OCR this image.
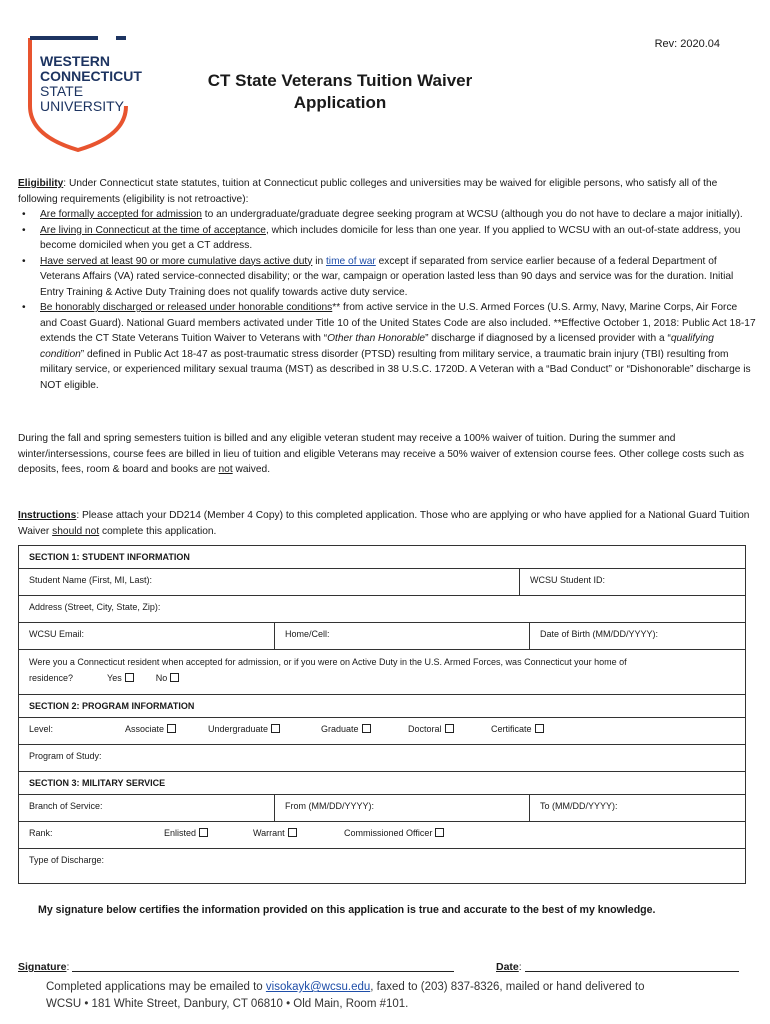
WESTERN
CONNECTICUT
STATE
UNIVERSITY
Rev: 2020.04
CT State Veterans Tuition Waiver
Application
Eligibility: Under Connecticut state statutes, tuition at Connecticut public colleges and universities may be waived for eligible persons, who satisfy all of the following requirements (eligibility is not retroactive):
• Are formally accepted for admission to an undergraduate/graduate degree seeking program at WCSU (although you do not have to declare a major initially).
• Are living in Connecticut at the time of acceptance, which includes domicile for less than one year. If you applied to WCSU with an out-of-state address, you become domiciled when you get a CT address.
• Have served at least 90 or more cumulative days active duty in time of war except if separated from service earlier because of a federal Department of Veterans Affairs (VA) rated service-connected disability; or the war, campaign or operation lasted less than 90 days and service was for the duration. Initial Entry Training & Active Duty Training does not qualify towards active duty service.
• Be honorably discharged or released under honorable conditions** from active service in the U.S. Armed Forces (U.S. Army, Navy, Marine Corps, Air Force and Coast Guard). National Guard members activated under Title 10 of the United States Code are also included. **Effective October 1, 2018: Public Act 18-17 extends the CT State Veterans Tuition Waiver to Veterans with “Other than Honorable” discharge if diagnosed by a licensed provider with a “qualifying condition” defined in Public Act 18-47 as post-traumatic stress disorder (PTSD) resulting from military service, a traumatic brain injury (TBI) resulting from military service, or experienced military sexual trauma (MST) as described in 38 U.S.C. 1720D. A Veteran with a “Bad Conduct” or “Dishonorable” discharge is NOT eligible.
During the fall and spring semesters tuition is billed and any eligible veteran student may receive a 100% waiver of tuition. During the summer and winter/intersessions, course fees are billed in lieu of tuition and eligible Veterans may receive a 50% waiver of extension course fees. Other college costs such as deposits, fees, room & board and books are not waived.
Instructions: Please attach your DD214 (Member 4 Copy) to this completed application. Those who are applying or who have applied for a National Guard Tuition Waiver should not complete this application.
SECTION 1: STUDENT INFORMATION
Student Name (First, MI, Last):	WCSU Student ID:
Address (Street, City, State, Zip):
WCSU Email:	Home/Cell:	Date of Birth (MM/DD/YYYY):
Were you a Connecticut resident when accepted for admission, or if you were on Active Duty in the U.S. Armed Forces, was Connecticut your home of
residence?	Yes	No
SECTION 2: PROGRAM INFORMATION
Level:	Associate	Undergraduate	Graduate	Doctoral	Certificate
Program of Study:
SECTION 3: MILITARY SERVICE
Branch of Service:	From (MM/DD/YYYY):	To (MM/DD/YYYY):
Rank:	Enlisted	Warrant	Commissioned Officer
Type of Discharge:
My signature below certifies the information provided on this application is true and accurate to the best of my knowledge.
Signature:	Date:
Completed applications may be emailed to visokayk@wcsu.edu, faxed to (203) 837-8326, mailed or hand delivered to
WCSU • 181 White Street, Danbury, CT 06810 • Old Main, Room #101.
